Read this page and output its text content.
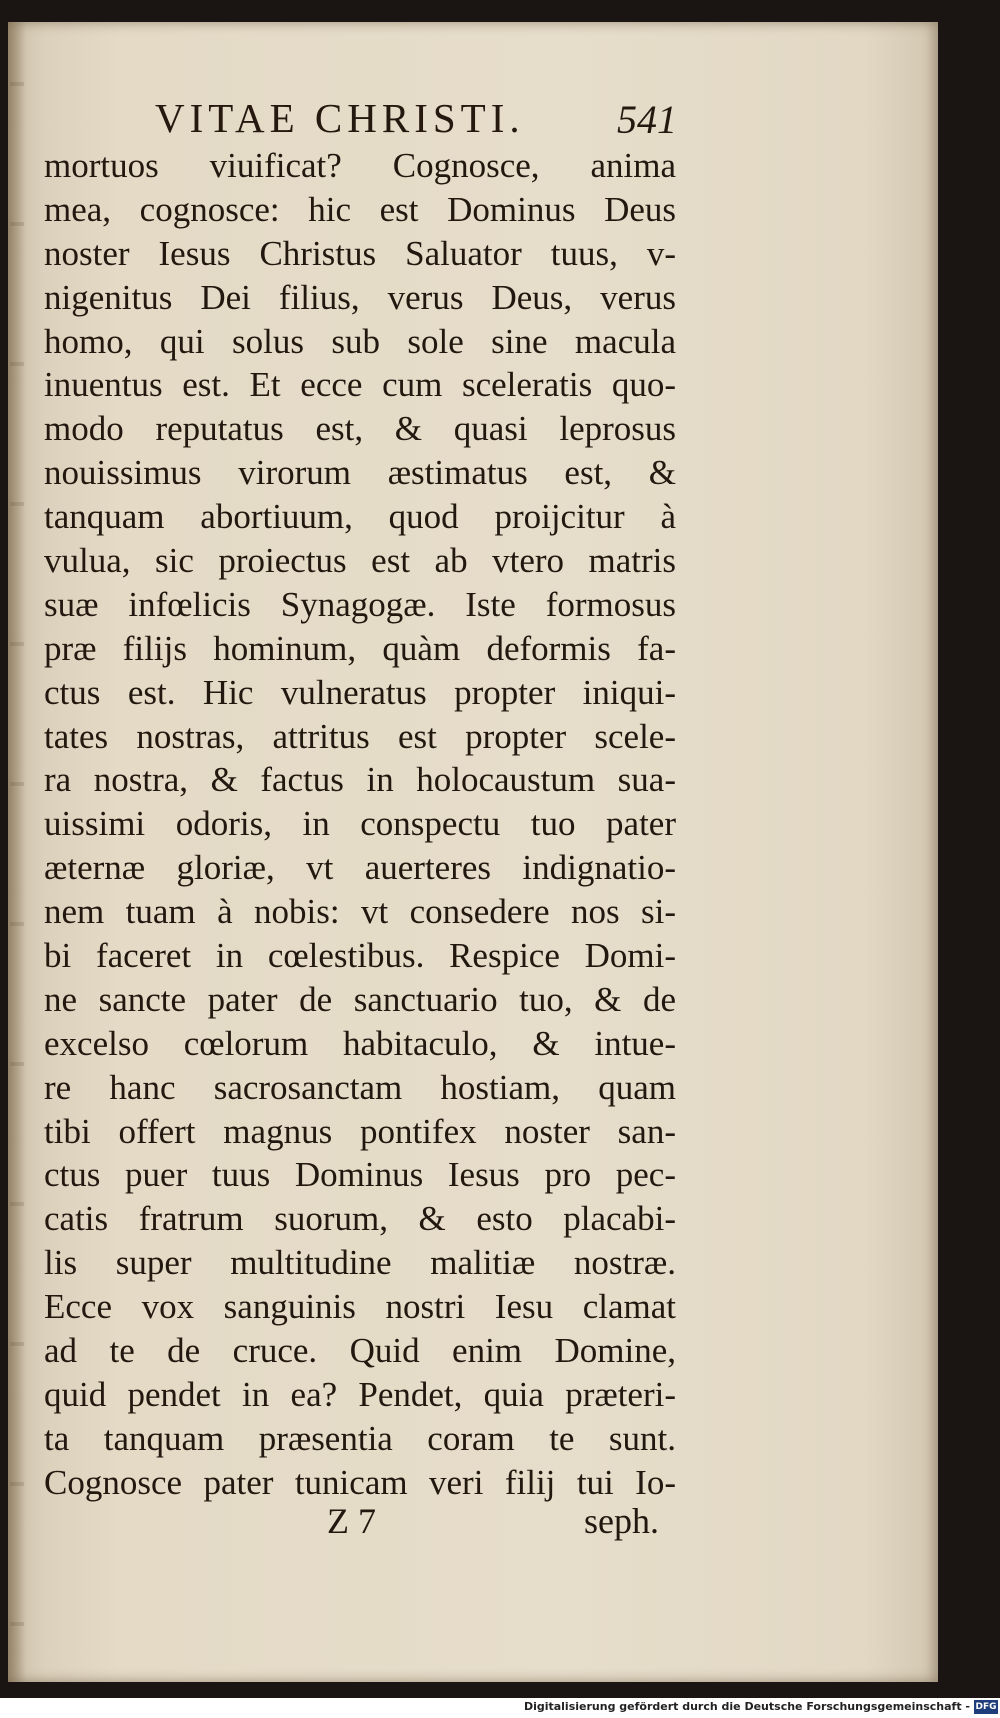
VITAE CHRISTI. 541
mortuos viuificat? Cognosce, anima
mea, cognosce: hic est Dominus Deus
noster Iesus Christus Saluator tuus, v-
nigenitus Dei filius, verus Deus, verus
homo, qui solus sub sole sine macula
inuentus est. Et ecce cum sceleratis quo-
modo reputatus est, & quasi leprosus
nouissimus virorum æstimatus est, &
tanquam abortiuum, quod proijcitur à
vulua, sic proiectus est ab vtero matris
suæ infœlicis Synagogæ. Iste formosus
præ filijs hominum, quàm deformis fa-
ctus est. Hic vulneratus propter iniqui-
tates nostras, attritus est propter scele-
ra nostra, & factus in holocaustum sua-
uissimi odoris, in conspectu tuo pater
æternæ gloriæ, vt auerteres indignatio-
nem tuam à nobis: vt consedere nos si-
bi faceret in cœlestibus. Respice Domi-
ne sancte pater de sanctuario tuo, & de
excelso cœlorum habitaculo, & intue-
re hanc sacrosanctam hostiam, quam
tibi offert magnus pontifex noster san-
ctus puer tuus Dominus Iesus pro pec-
catis fratrum suorum, & esto placabi-
lis super multitudine malitiæ nostræ.
Ecce vox sanguinis nostri Iesu clamat
ad te de cruce. Quid enim Domine,
quid pendet in ea? Pendet, quia præteri-
ta tanquam præsentia coram te sunt.
Cognosce pater tunicam veri filij tui Io-
Z 7	seph.
Digitalisierung gefördert durch die Deutsche Forschungsgemeinschaft - DFG
